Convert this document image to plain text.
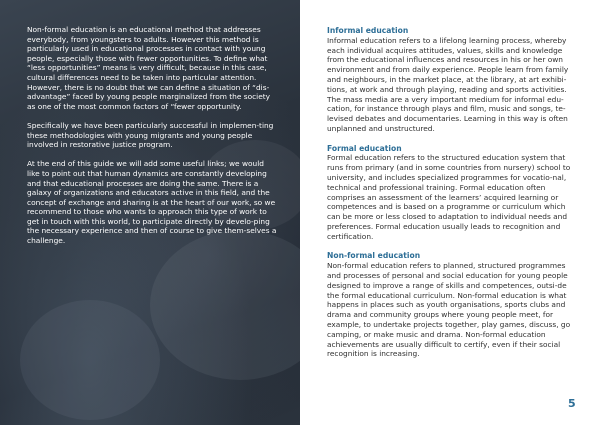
Non-formal education is an educational method that addresses everybody, from youngsters to adults. However this method is particularly used in educational processes in contact with young people, especially those with fewer opportunities. To define what “less opportunities” means is very difficult, because in this case, cultural differences need to be taken into particular attention. However, there is no doubt that we can define a situation of “dis-advantage” faced by young people marginalized from the society as one of the most common factors of “fewer opportunity.

Specifically we have been particularly successful in implemen-ting these methodologies with young migrants and young people involved in restorative justice program.

At the end of this guide we will add some useful links; we would like to point out that human dynamics are constantly developing and that educational processes are doing the same. There is a galaxy of organizations and educators active in this field, and the concept of exchange and sharing is at the heart of our work, so we recommend to those who wants to approach this type of work to get in touch with this world, to participate directly by develo-ping the necessary experience and then of course to give them-selves a challenge.

Informal education

Informal education refers to a lifelong learning process, whereby each individual acquires attitudes, values, skills and knowledge from the educational influences and resources in his or her own environment and from daily experience. People learn from family and neighbours, in the market place, at the library, at art exhibi-tions, at work and through playing, reading and sports activities. The mass media are a very important medium for informal edu-cation, for instance through plays and film, music and songs, te-levised debates and documentaries. Learning in this way is often unplanned and unstructured.

Formal education

Formal education refers to the structured education system that runs from primary (and in some countries from nursery) school to university, and includes specialized programmes for vocatio-nal, technical and professional training. Formal education often comprises an assessment of the learners’ acquired learning or competences and is based on a programme or curriculum which can be more or less closed to adaptation to individual needs and preferences. Formal education usually leads to recognition and certification.

Non-formal education

Non-formal education refers to planned, structured programmes and processes of personal and social education for young people designed to improve a range of skills and competences, outsi-de the formal educational curriculum. Non-formal education is what happens in places such as youth organisations, sports clubs and drama and community groups where young people meet, for example, to undertake projects together, play games, discuss, go camping, or make music and drama. Non-formal education achievements are usually difficult to certify, even if their social recognition is increasing.

5
